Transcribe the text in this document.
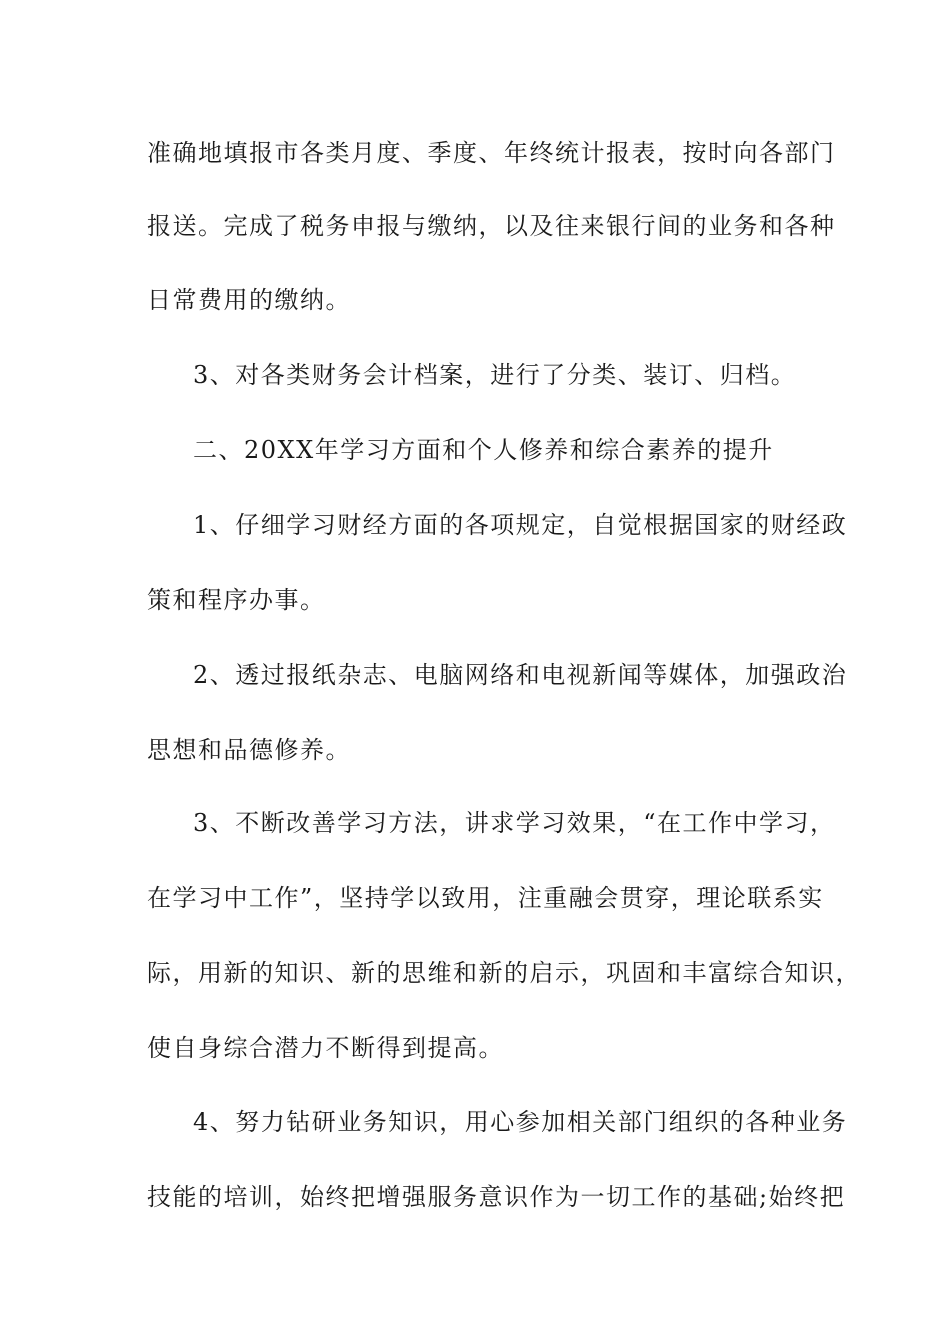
准确地填报市各类月度、季度、年终统计报表，按时向各部门
报送。完成了税务申报与缴纳，以及往来银行间的业务和各种
日常费用的缴纳。
3、对各类财务会计档案，进行了分类、装订、归档。
二、20XX年学习方面和个人修养和综合素养的提升
1、仔细学习财经方面的各项规定，自觉根据国家的财经政
策和程序办事。
2、透过报纸杂志、电脑网络和电视新闻等媒体，加强政治
思想和品德修养。
3、不断改善学习方法，讲求学习效果，“在工作中学习，
在学习中工作”，坚持学以致用，注重融会贯穿，理论联系实
际，用新的知识、新的思维和新的启示，巩固和丰富综合知识，
使自身综合潜力不断得到提高。
4、努力钻研业务知识，用心参加相关部门组织的各种业务
技能的培训，始终把增强服务意识作为一切工作的基础;始终把
